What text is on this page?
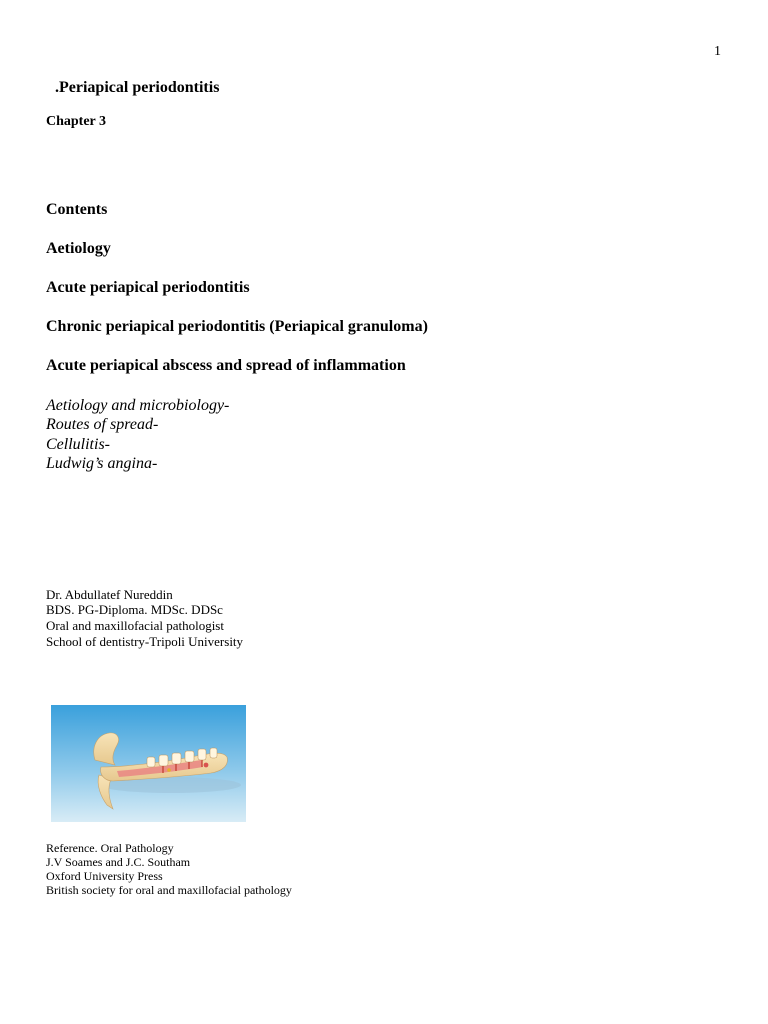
1
.Periapical periodontitis
Chapter 3
Contents
Aetiology
Acute periapical periodontitis
Chronic periapical periodontitis (Periapical granuloma)
Acute periapical abscess and spread of inflammation
Aetiology and microbiology-
Routes of spread-
Cellulitis-
Ludwig’s angina-
Dr. Abdullatef Nureddin
BDS. PG-Diploma. MDSc. DDSc
Oral and maxillofacial pathologist
School of dentistry-Tripoli University
Reference. Oral Pathology
J.V Soames and J.C. Southam
Oxford University Press
British society for oral and maxillofacial pathology
